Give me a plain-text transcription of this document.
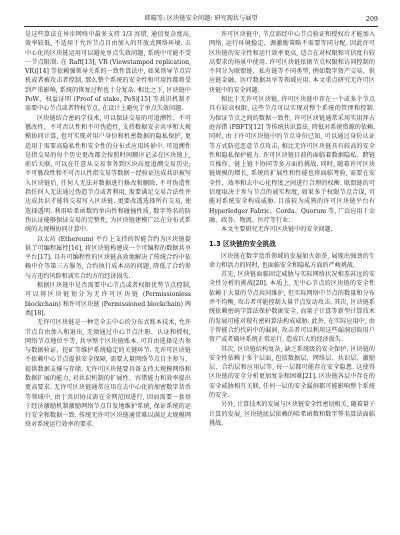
韩璇等: 区块链安全问题: 研究现状与展望	209

是这些算法在异步网络中最多支持 1/3 容错, 通信复杂度高, 效率较低, 不适用于允许节点自由加入的开放式网络环境. 去中心化的区块链运用可以避免单点失效问题, 系统中可能不受一节点限制. 在 Raft[13], VR (Viewstamped replication, VR)[14] 等依赖强领导关系的一致性算法中, 如果领导节点宕机或者被攻击者控制, 那么整个系统的安全性和可用性都将受到严重影响, 系统的恢复过程也十分复杂. 相比之下, 区块链中 PoW、权益证明 (Proof of stake, PoS)[15] 等共识机制不需要中心节点或者特权节点, 在设计上避免了单点失效问题.

区块链结合密码学技术, 可以保证交易的可追溯性、不可篡改性、不可否认性和不可伪造性, 支持数据安全共享和大规模协同计算, 也可实现对用户身份和机密数据的隐私保护, 更适用于需要高隐私性和安全性的分布式应用场景中. 可追溯性是指交易的每个历史更改都会按照时间顺序记录在区块链上, 前后关联, 可以在任意从交易事务到区块高度追溯交易历史; 不可篡改性和不可否认性指交易等数据一经验证达成共识被写入区块链后, 任何人无法对数据进行修改和删除. 不可伪造性指任何人无法通过伪造节点或者利用, 需要满足交易合法性并达成共识才能将交易写入区块链. 更要改透选择所有交易, 使选择透明. 利用哈希函数的单向性和碰撞性质, 数字签名的防伪认证能够保证交易的完整性, 为区块链建模广泛在分布式系统的大规模协同计算中.

以太坊 (Ethereum) 平台上支持的智能合约为区块链提供了可编程属性[16], 将区块链构建成一个可编程的数据共享平台[17]. 具有可编程性的区块链高效地解决了传统合约中依赖中介等第三方服务, 合约执行成本高的问题, 降低了合约参与方违约风险和诚实合约方的经济损失.

根据区块链中是否需要中心节点或者权限优势节点控制, 可以将区块链划分为无许可区块链 (Permissionless blockchain) 和许可区块链 (Permissioned blockchain) 两类[18].

无许可区块链是一种完全去中心的分布式账本技术, 允许节点自由加入和退出, 无须通过中心节点注册、认证和授权, 网络节点地位平等, 共享整个区块链账本. 可自由选择是否参与数据验证、挖矿等维护系统稳定的关键环节. 无许可区块链不依赖中心节点提供安全保障, 需要大量网络节点自主参与、提供数据支撑与存储. 无许可区块链要具备支持大规模网络和数据扩展的能力, 对共识机制的扩展性、容错能力和效率提出更高要求. 无许可区块链通常应用在去中心化的加密数字货币等领域中, 由于共识协议需在全网范围进行, 因而需要一套基于经济激励机制激励网络节点自发地维护系统, 保证系统的运行安全和数据一致. 传统无许可区块链通常难以满足大规模网络对系统运行效率的要求.

许可区块链中, 节点需经中心节点验证和授权后才能加入网络, 运行环境稳定、源激励策略不需要等同分配. 因此许可区块链的安全性和运行效率更高, 适合在对权限和可信度有较高要求的场景中使用. 许可区块链依据节点权限和访问控制的不同分为联盟链、私有链等不同类型, 例如数字资产交易、供应链金融、医疗数据共享等领域应用. 本文重点研究无许可区块链中的安全问题.

相比于无许可区块链, 许可区块链中存在一个或多个节点具有较高权限, 这些节点可以实现对整个系统的管理和控制. 为保证节点之间的数据一致性, 许可区块链通常采用实用拜占庭容错 (PBFT)[12] 等传统共识算法, 降低对系统资源的依赖. 同时, 由于许可区块链中的节点身份已知, 可以通过身份认证等方式防范恶意节点攻击, 相比无许可区块链具有较高的安全性和隐私保护能力. 许可区块链目前仍面临着数据隐私、跨链互操作、链上链下协同等多方面的挑战. 同时, 随着许可区块链规模的增长, 系统的扩展性和性能也将面临考验, 需要在安全性、效率和去中心化程度之间进行合理的权衡. 联盟链的可信度取决于参与节点的诚实程度, 如果多个权限节点合谋, 可能对系统安全构成威胁. 目前较为成熟的许可区块链平台有 Hyperledger Fabric、Corda、Quorum 等, 广泛应用于金融、政务、物流、医疗等行业.

本文主要研究无许可区块链中的安全问题.

1.3 区块链的安全挑战

区块链在数字货币领域的发展如火如荼, 展现出强劲的生命力和活力的同时, 也面临安全和隐私方面的严峻挑战.

首先, 区块链面临固定威胁与实际网络状况相差甚远的安全性分析的挑战[20]. 本质上, 无中心节点的区块链的安全性依赖于大量的节点共同维护, 但实际网络中节点的数量和分布并不均衡, 攻击者可能控制大量节点发动攻击. 其次, 区块链系统依赖密码学算法保护数据安全, 而量子计算等新型计算技术的发展可能对现有密码算法构成威胁. 此外, 在实际应用中, 由于智能合约代码中的漏洞, 攻击者可以利用这些漏洞窃取用户资产或者破坏系统正常运行, 造成巨大的经济损失.

其次, 区块链结构复杂, 缺乏系统级的安全保护. 区块链的安全性依赖于多个层面, 包括数据层、网络层、共识层、激励层、合约层和应用层等, 每一层都可能存在安全隐患. 这使得区块链的安全分析更加复杂和困难[21]. 区块链各层中存在的安全威胁相互关联, 任何一层的安全漏洞都可能影响整个系统的安全.

另外, 计算技术的发展与区块链安全性密切相关, 随着量子计算的发展, 区块链底层依赖的哈希函数和数字签名算法面临挑战.
